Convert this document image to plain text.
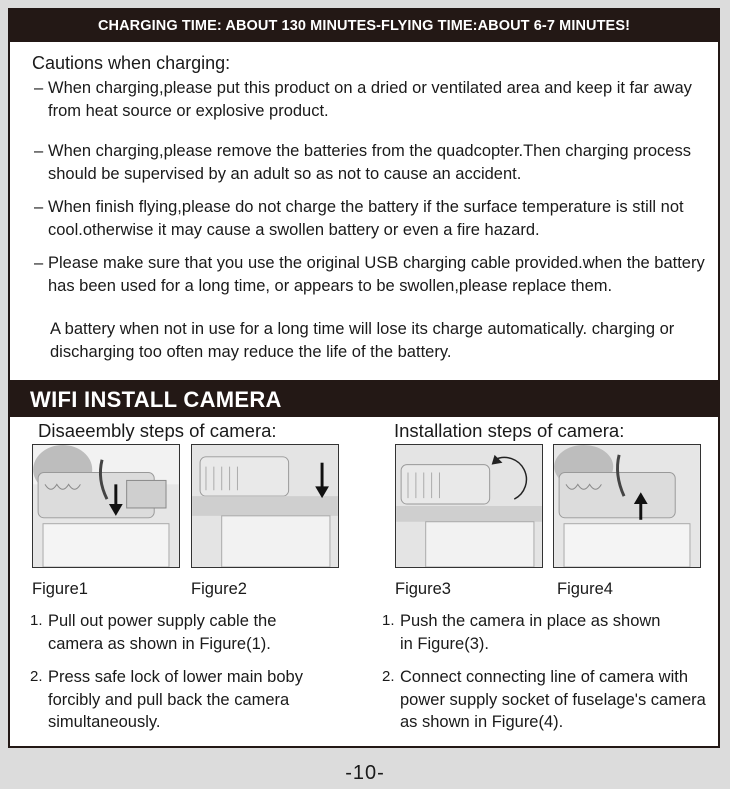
CHARGING TIME: ABOUT 130 MINUTES-FLYING TIME:ABOUT 6-7 MINUTES!
Cautions when charging:
– When charging,please put this product on a dried or ventilated area and keep it far away from heat source or explosive product.
– When charging,please remove the batteries from the quadcopter.Then charging process should be supervised by an adult so as not to cause an accident.
– When finish flying,please do not charge the battery if the surface temperature is still not cool.otherwise it may cause a swollen battery or even a fire hazard.
– Please make sure that you use the original USB charging cable provided.when the battery has been used for a long time, or appears to be swollen,please replace them.
A battery when not in use for a long time will lose its charge automatically. charging or discharging too often may reduce the life of the battery.
WIFI INSTALL CAMERA
Disaeembly steps of camera:	Installation steps of camera:
Figure1	Figure2	Figure3	Figure4
1. Pull out power supply cable the camera as shown in Figure(1).
2. Press safe lock of lower main boby forcibly and pull back the camera simultaneously.
1. Push the camera in place as shown in Figure(3).
2. Connect connecting line of camera with power supply socket of fuselage's camera as shown in Figure(4).
-10-
